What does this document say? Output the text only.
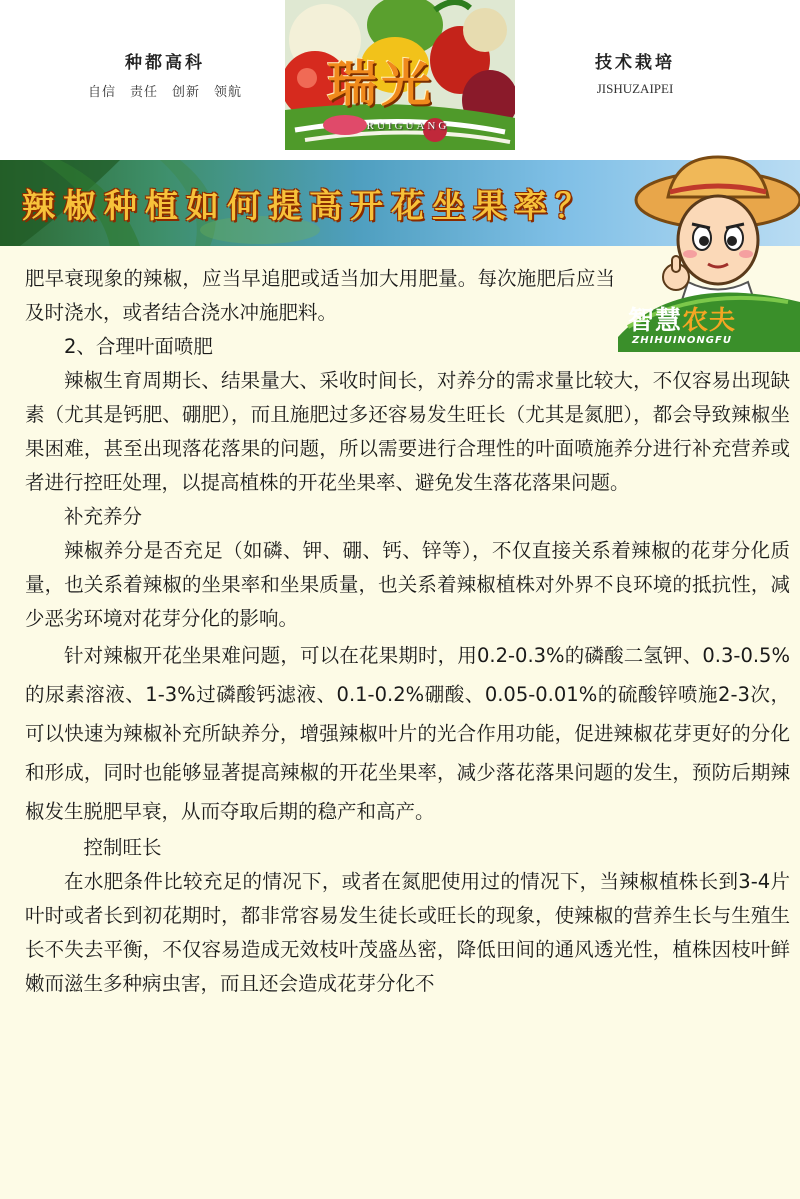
种都高科
自信　责任　创新　领航	瑞光
RUIGUANG
技术栽培
JISHUZAIPEI
辣椒种植如何提高开花坐果率？
智慧农夫
ZHIHUINONGFU

肥早衰现象的辣椒，应当早追肥或适当加大用肥量。每次施肥后应当及时浇水，或者结合浇水冲施肥料。

2、合理叶面喷肥

辣椒生育周期长、结果量大、采收时间长，对养分的需求量比较大，不仅容易出现缺素（尤其是钙肥、硼肥），而且施肥过多还容易发生旺长（尤其是氮肥），都会导致辣椒坐果困难，甚至出现落花落果的问题，所以需要进行合理性的叶面喷施养分进行补充营养或者进行控旺处理，以提高植株的开花坐果率、避免发生落花落果问题。

补充养分

辣椒养分是否充足（如磷、钾、硼、钙、锌等），不仅直接关系着辣椒的花芽分化质量，也关系着辣椒的坐果率和坐果质量，也关系着辣椒植株对外界不良环境的抵抗性，减少恶劣环境对花芽分化的影响。

针对辣椒开花坐果难问题，可以在花果期时，用0.2-0.3%的磷酸二氢钾、0.3-0.5%的尿素溶液、1-3%过磷酸钙滤液、0.1-0.2%硼酸、0.05-0.01%的硫酸锌喷施2-3次，可以快速为辣椒补充所缺养分，增强辣椒叶片的光合作用功能，促进辣椒花芽更好的分化和形成，同时也能够显著提高辣椒的开花坐果率，减少落花落果问题的发生，预防后期辣椒发生脱肥早衰，从而夺取后期的稳产和高产。

控制旺长

在水肥条件比较充足的情况下，或者在氮肥使用过的情况下，当辣椒植株长到3-4片叶时或者长到初花期时，都非常容易发生徒长或旺长的现象，使辣椒的营养生长与生殖生长不失去平衡，不仅容易造成无效枝叶茂盛丛密，降低田间的通风透光性，植株因枝叶鲜嫩而滋生多种病虫害，而且还会造成花芽分化不
